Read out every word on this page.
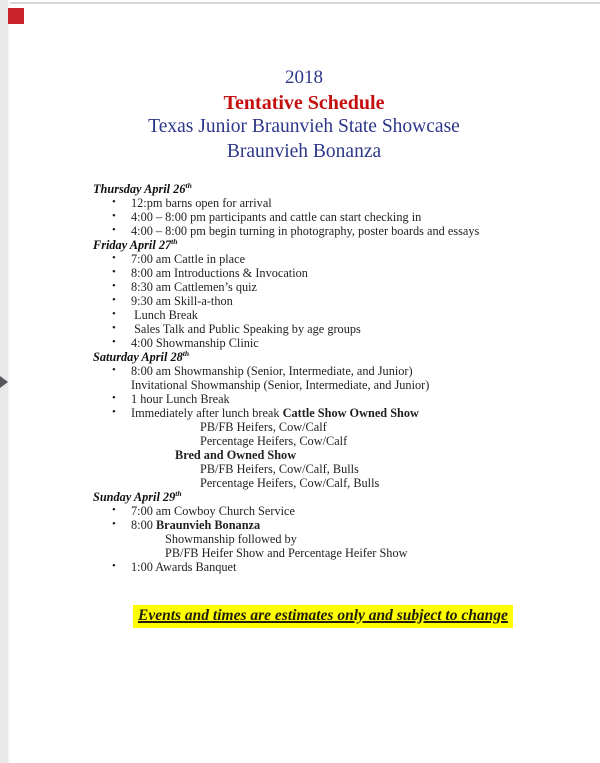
2018
Tentative Schedule
Texas Junior Braunvieh State Showcase
Braunvieh Bonanza
Thursday April 26th
• 12:pm barns open for arrival
• 4:00 – 8:00 pm participants and cattle can start checking in
• 4:00 – 8:00 pm begin turning in photography, poster boards and essays
Friday April 27th
• 7:00 am Cattle in place
• 8:00 am Introductions & Invocation
• 8:30 am Cattlemen’s quiz
• 9:30 am Skill-a-thon
• Lunch Break
• Sales Talk and Public Speaking by age groups
• 4:00 Showmanship Clinic
Saturday April 28th
• 8:00 am Showmanship (Senior, Intermediate, and Junior)
Invitational Showmanship (Senior, Intermediate, and Junior)
• 1 hour Lunch Break
• Immediately after lunch break Cattle Show Owned Show
PB/FB Heifers, Cow/Calf
Percentage Heifers, Cow/Calf
Bred and Owned Show
PB/FB Heifers, Cow/Calf, Bulls
Percentage Heifers, Cow/Calf, Bulls
Sunday April 29th
• 7:00 am Cowboy Church Service
• 8:00 Braunvieh Bonanza
Showmanship followed by
PB/FB Heifer Show and Percentage Heifer Show
• 1:00 Awards Banquet
Events and times are estimates only and subject to change
